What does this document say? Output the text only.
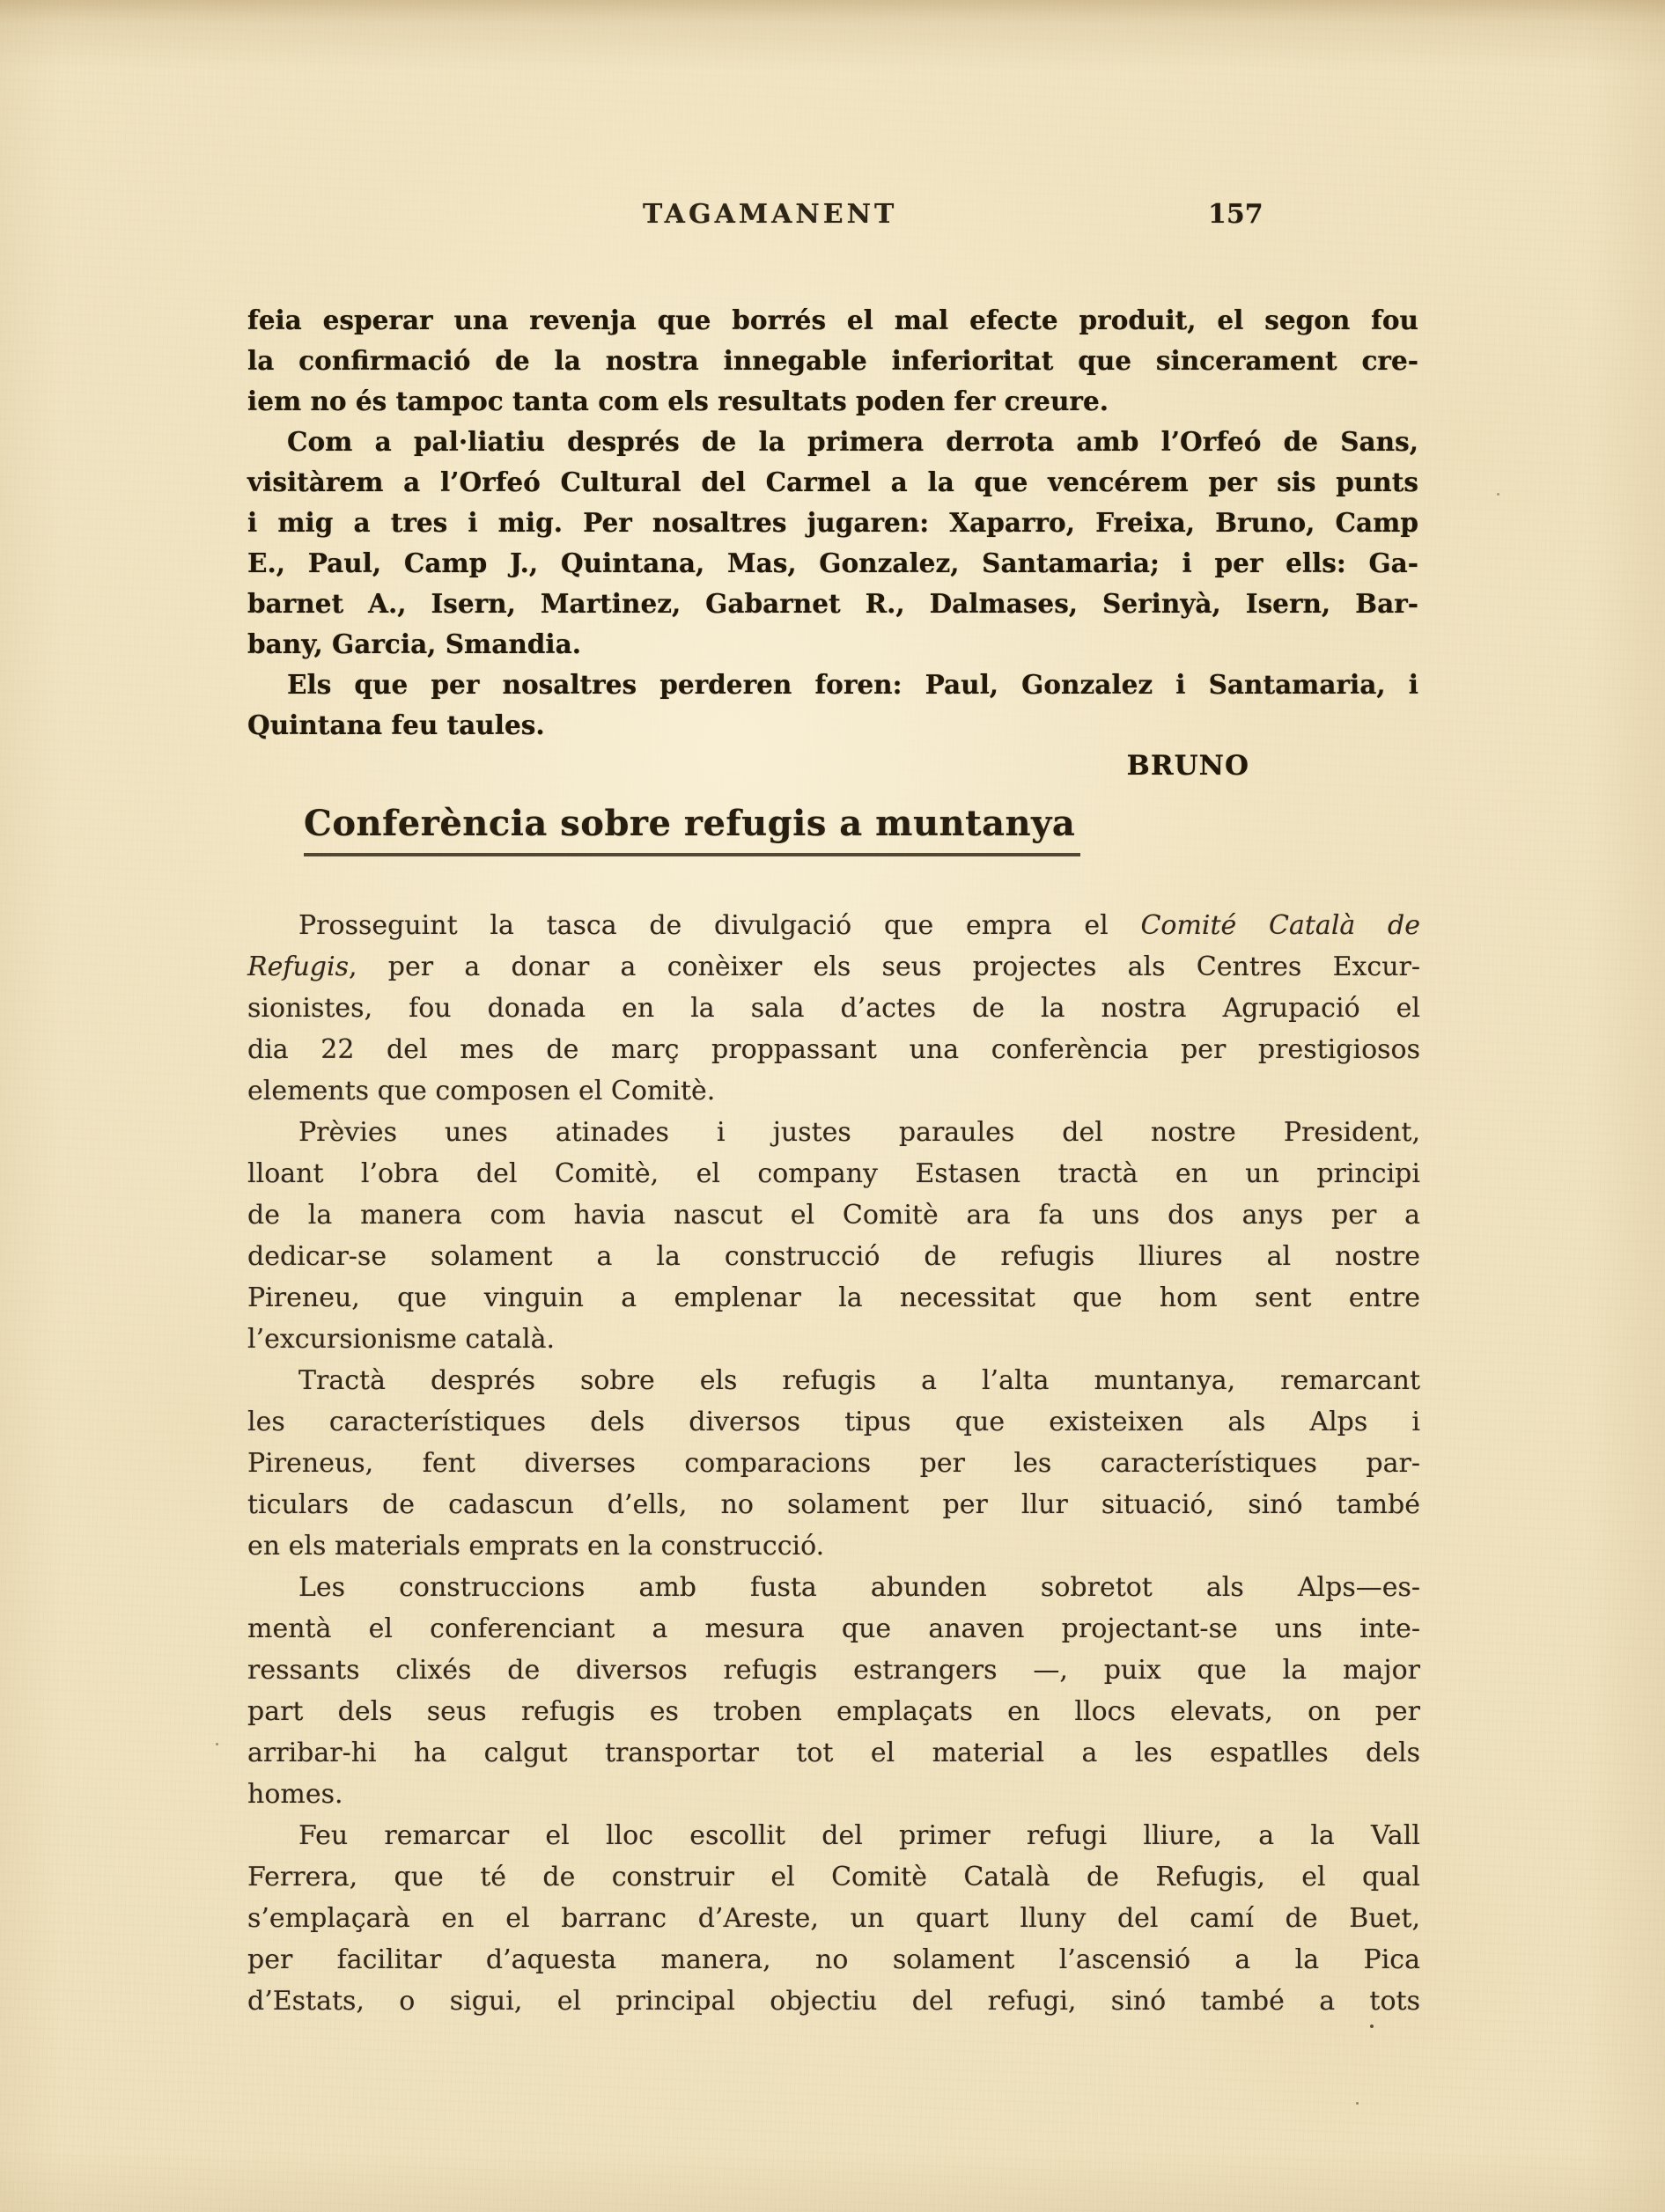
TAGAMANENT	157
feia esperar una revenja que borrés el mal efecte produit, el segon fou
la confirmació de la nostra innegable inferioritat que sincerament cre-
iem no és tampoc tanta com els resultats poden fer creure.
Com a pal·liatiu després de la primera derrota amb l’Orfeó de Sans,
visitàrem a l’Orfeó Cultural del Carmel a la que vencérem per sis punts
i mig a tres i mig. Per nosaltres jugaren: Xaparro, Freixa, Bruno, Camp
E., Paul, Camp J., Quintana, Mas, Gonzalez, Santamaria; i per ells: Ga-
barnet A., Isern, Martinez, Gabarnet R., Dalmases, Serinyà, Isern, Bar-
bany, Garcia, Smandia.
Els que per nosaltres perderen foren: Paul, Gonzalez i Santamaria, i
Quintana feu taules.
BRUNO
Conferència sobre refugis a muntanya
Prosseguint la tasca de divulgació que empra el Comité Català de
Refugis, per a donar a conèixer els seus projectes als Centres Excur-
sionistes, fou donada en la sala d’actes de la nostra Agrupació el
dia 22 del mes de març proppassant una conferència per prestigiosos
elements que composen el Comitè.
Prèvies unes atinades i justes paraules del nostre President,
lloant l’obra del Comitè, el company Estasen tractà en un principi
de la manera com havia nascut el Comitè ara fa uns dos anys per a
dedicar-se solament a la construcció de refugis lliures al nostre
Pireneu, que vinguin a emplenar la necessitat que hom sent entre
l’excursionisme català.
Tractà després sobre els refugis a l’alta muntanya, remarcant
les característiques dels diversos tipus que existeixen als Alps i
Pireneus, fent diverses comparacions per les característiques par-
ticulars de cadascun d’ells, no solament per llur situació, sinó també
en els materials emprats en la construcció.
Les construccions amb fusta abunden sobretot als Alps—es-
mentà el conferenciant a mesura que anaven projectant-se uns inte-
ressants clixés de diversos refugis estrangers —, puix que la major
part dels seus refugis es troben emplaçats en llocs elevats, on per
arribar-hi ha calgut transportar tot el material a les espatlles dels
homes.
Feu remarcar el lloc escollit del primer refugi lliure, a la Vall
Ferrera, que té de construir el Comitè Català de Refugis, el qual
s’emplaçarà en el barranc d’Areste, un quart lluny del camí de Buet,
per facilitar d’aquesta manera, no solament l’ascensió a la Pica
d’Estats, o sigui, el principal objectiu del refugi, sinó també a tots
